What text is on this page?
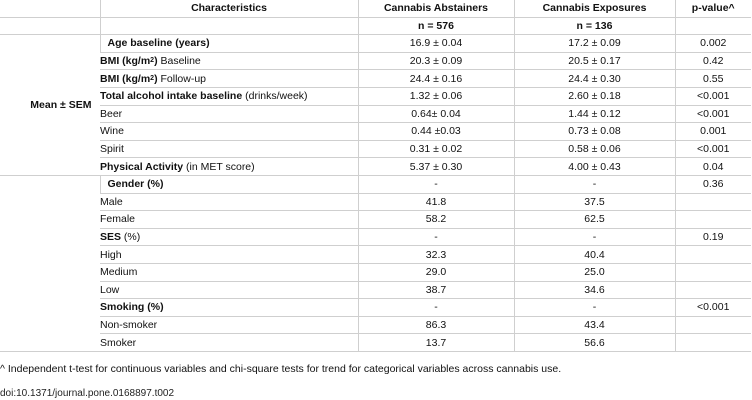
	Characteristics	Cannabis Abstainers	Cannabis Exposures	p-value^
		n = 576	n = 136	
Mean ± SEM	Age baseline (years)	16.9 ± 0.04	17.2 ± 0.09	0.002
	BMI $(kg/m^2)$ Baseline	20.3 ± 0.09	20.5 ± 0.17	0.42
	BMI $(kg/m^2)$ Follow-up	24.4 ± 0.16	24.4 ± 0.30	0.55
	Total alcohol intake baseline (drinks/week)	1.32 ± 0.06	2.60 ± 0.18	<0.001
	Beer	0.64± 0.04	1.44 ± 0.12	<0.001
	Wine	0.44 ±0.03	0.73 ± 0.08	0.001
	Spirit	0.31 ± 0.02	0.58 ± 0.06	<0.001
	Physical Activity (in MET score)	5.37 ± 0.30	4.00 ± 0.43	0.04
	Gender (%)	-	-	0.36
	Male	41.8	37.5	
	Female	58.2	62.5	
	SES (%)	-	-	0.19
	High	32.3	40.4	
	Medium	29.0	25.0	
	Low	38.7	34.6	
	Smoking (%)	-	-	<0.001
	Non-smoker	86.3	43.4	
	Smoker	13.7	56.6	
^ Independent t-test for continuous variables and chi-square tests for trend for categorical variables across cannabis use.
doi:10.1371/journal.pone.0168897.t002
